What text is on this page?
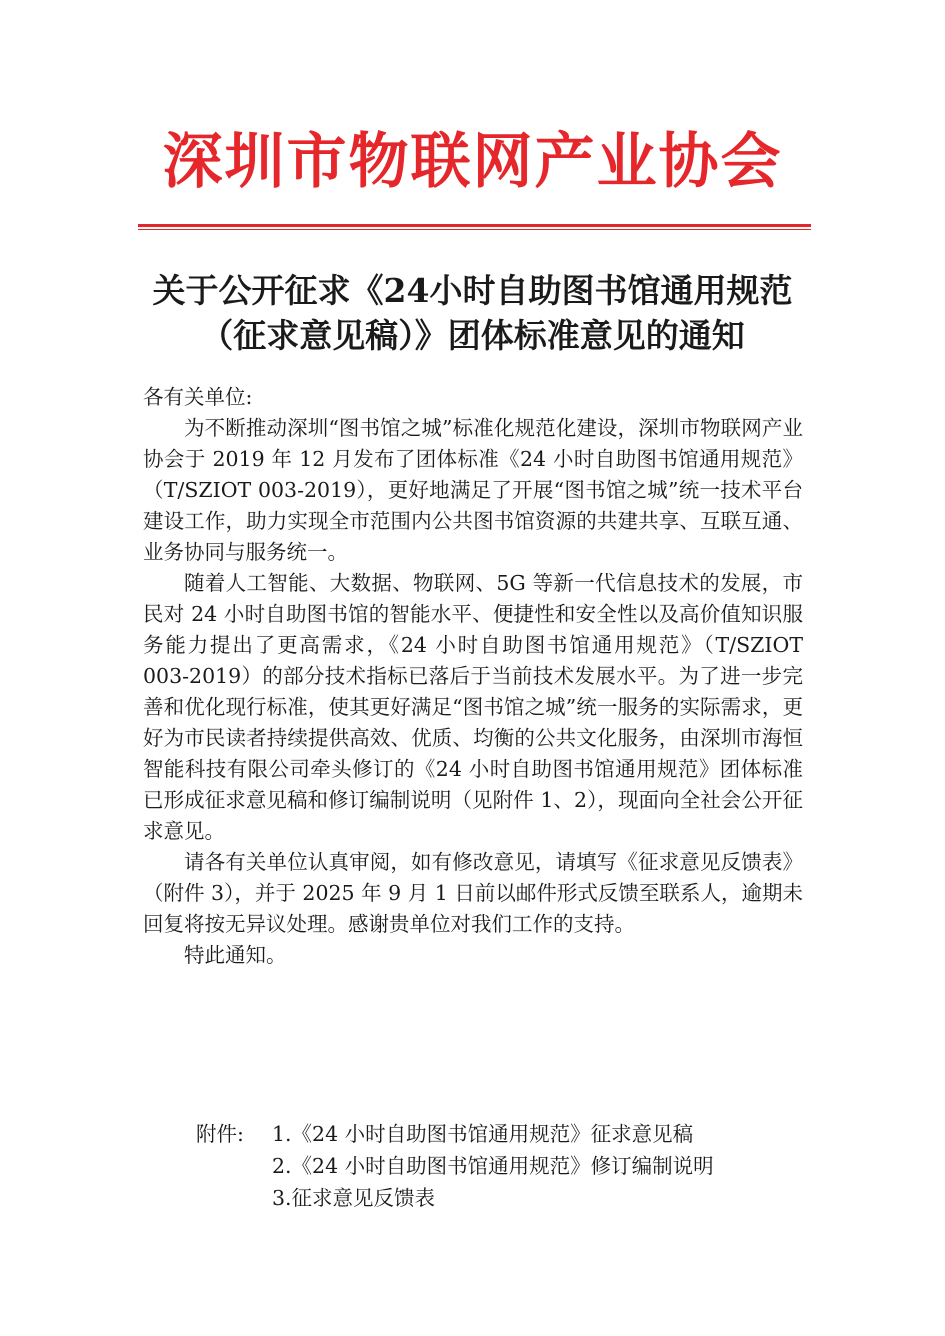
深圳市物联网产业协会
关于公开征求《24小时自助图书馆通用规范
（征求意见稿）》团体标准意见的通知

各有关单位:

为不断推动深圳“图书馆之城”标准化规范化建设，深圳市物联网产业协会于 2019 年 12 月发布了团体标准《24 小时自助图书馆通用规范》（T/SZIOT 003-2019），更好地满足了开展“图书馆之城”统一技术平台建设工作，助力实现全市范围内公共图书馆资源的共建共享、互联互通、业务协同与服务统一。

随着人工智能、大数据、物联网、5G 等新一代信息技术的发展，市民对 24 小时自助图书馆的智能水平、便捷性和安全性以及高价值知识服务能力提出了更高需求，《24 小时自助图书馆通用规范》（T/SZIOT 003-2019）的部分技术指标已落后于当前技术发展水平。为了进一步完善和优化现行标准，使其更好满足“图书馆之城”统一服务的实际需求，更好为市民读者持续提供高效、优质、均衡的公共文化服务，由深圳市海恒智能科技有限公司牵头修订的《24 小时自助图书馆通用规范》团体标准已形成征求意见稿和修订编制说明（见附件 1、2），现面向全社会公开征求意见。

请各有关单位认真审阅，如有修改意见，请填写《征求意见反馈表》（附件 3），并于 2025 年 9 月 1 日前以邮件形式反馈至联系人，逾期未回复将按无异议处理。感谢贵单位对我们工作的支持。

特此通知。

附件:	1.《24 小时自助图书馆通用规范》征求意见稿
2.《24 小时自助图书馆通用规范》修订编制说明
3.征求意见反馈表
